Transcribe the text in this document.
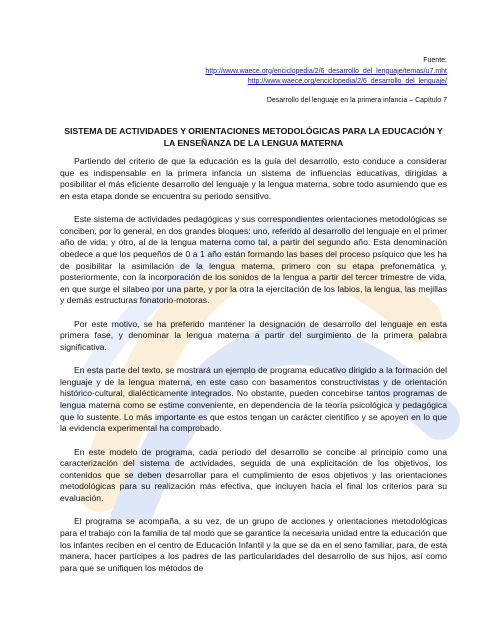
Fuente:
http://www.waece.org/enciclopedia/2/6_desarrollo_del_lenguaje/temas/u7.mht
http://www.waece.org/enciclopedia/2/6_desarrollo_del_lenguaje/
Desarrollo del lenguaje en la primera infancia – Capítulo 7
SISTEMA DE ACTIVIDADES Y ORIENTACIONES METODOLÓGICAS PARA LA EDUCACIÓN Y LA ENSEÑANZA DE LA LENGUA MATERNA

Partiendo del criterio de que la educación es la guía del desarrollo, esto conduce a considerar que es indispensable en la primera infancia un sistema de influencias educativas, dirigidas a posibilitar el más eficiente desarrollo del lenguaje y la lengua materna, sobre todo asumiendo que es en esta etapa donde se encuentra su periodo sensitivo.

Este sistema de actividades pedagógicas y sus correspondientes orientaciones metodológicas se conciben, por lo general, en dos grandes bloques: uno, referido al desarrollo del lenguaje en el primer año de vida; y otro, al de la lengua materna como tal, a partir del segundo año. Esta denominación obedece a que los pequeños de 0 a 1 año están formando las bases del proceso psíquico que les ha de posibilitar la asimilación de la lengua materna, primero con su etapa prefonemática y, posteriormente, con la incorporación de los sonidos de la lengua a partir del tercer trimestre de vida, en que surge el silabeo por una parte, y por la otra la ejercitación de los labios, la lengua, las mejillas y demás estructuras fonatorio-motoras.

Por este motivo, se ha preferido mantener la designación de desarrollo del lenguaje en esta primera fase, y denominar la lengua materna a partir del surgimiento de la primera palabra significativa.

En esta parte del texto, se mostrará un ejemplo de programa educativo dirigido a la formación del lenguaje y de la lengua materna, en este caso con basamentos constructivistas y de orientación histórico-cultural, dialécticamente integrados. No obstante, pueden concebirse tantos programas de lengua materna como se estime conveniente, en dependencia de la teoría psicológica y pedagógica que lo sustente. Lo más importante es que estos tengan un carácter científico y se apoyen en lo que la evidencia experimental ha comprobado.

En este modelo de programa, cada período del desarrollo se concibe al principio como una caracterización del sistema de actividades, seguida de una explicitación de los objetivos, los contenidos que se deben desarrollar para el cumplimiento de esos objetivos y las orientaciones metodológicas para su realización más efectiva, que incluyen hacia el final los criterios para su evaluación.

El programa se acompaña, a su vez, de un grupo de acciones y orientaciones metodológicas para el trabajo con la familia de tal modo que se garantice la necesaria unidad entre la educación que los infantes reciben en el centro de Educación Infantil y la que se da en el seno familiar, para, de esta manera, hacer partícipes a los padres de las particularidades del desarrollo de sus hijos, así como para que se unifiquen los métodos de
